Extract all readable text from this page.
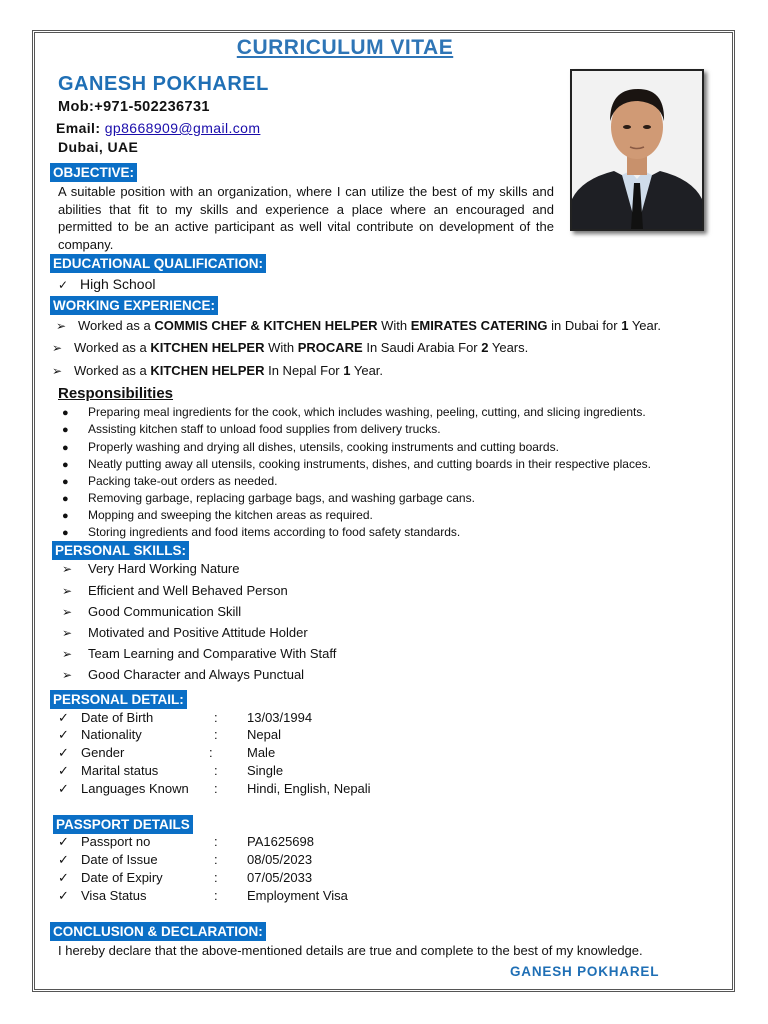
CURRICULUM VITAE
GANESH POKHAREL
Mob:+971-502236731
Email: gp8668909@gmail.com
Dubai, UAE
OBJECTIVE:
A suitable position with an organization, where I can utilize the best of my skills and abilities that fit to my skills and experience a place where an encouraged and permitted to be an active participant as well vital contribute on development of the company.
EDUCATIONAL QUALIFICATION:
✓ High School
WORKING EXPERIENCE:
➢ Worked as a COMMIS CHEF & KITCHEN HELPER With EMIRATES CATERING in Dubai for 1 Year.
➢ Worked as a KITCHEN HELPER With PROCARE In Saudi Arabia For 2 Years.
➢ Worked as a KITCHEN HELPER In Nepal For 1 Year.
Responsibilities
● Preparing meal ingredients for the cook, which includes washing, peeling, cutting, and slicing ingredients.
● Assisting kitchen staff to unload food supplies from delivery trucks.
● Properly washing and drying all dishes, utensils, cooking instruments and cutting boards.
● Neatly putting away all utensils, cooking instruments, dishes, and cutting boards in their respective places.
● Packing take-out orders as needed.
● Removing garbage, replacing garbage bags, and washing garbage cans.
● Mopping and sweeping the kitchen areas as required.
● Storing ingredients and food items according to food safety standards.
PERSONAL SKILLS:
➢ Very Hard Working Nature
➢ Efficient and Well Behaved Person
➢ Good Communication Skill
➢ Motivated and Positive Attitude Holder
➢ Team Learning and Comparative With Staff
➢ Good Character and Always Punctual
PERSONAL DETAIL:
✓ Date of Birth	: 13/03/1994
✓ Nationality	: Nepal
✓ Gender	:	Male
✓ Marital status	: Single
✓ Languages Known : Hindi, English, Nepali
PASSPORT DETAILS
✓ Passport no	: PA1625698
✓ Date of Issue	: 08/05/2023
✓ Date of Expiry	: 07/05/2033
✓ Visa Status	: Employment Visa
CONCLUSION & DECLARATION:
I hereby declare that the above-mentioned details are true and complete to the best of my knowledge.
GANESH POKHAREL
